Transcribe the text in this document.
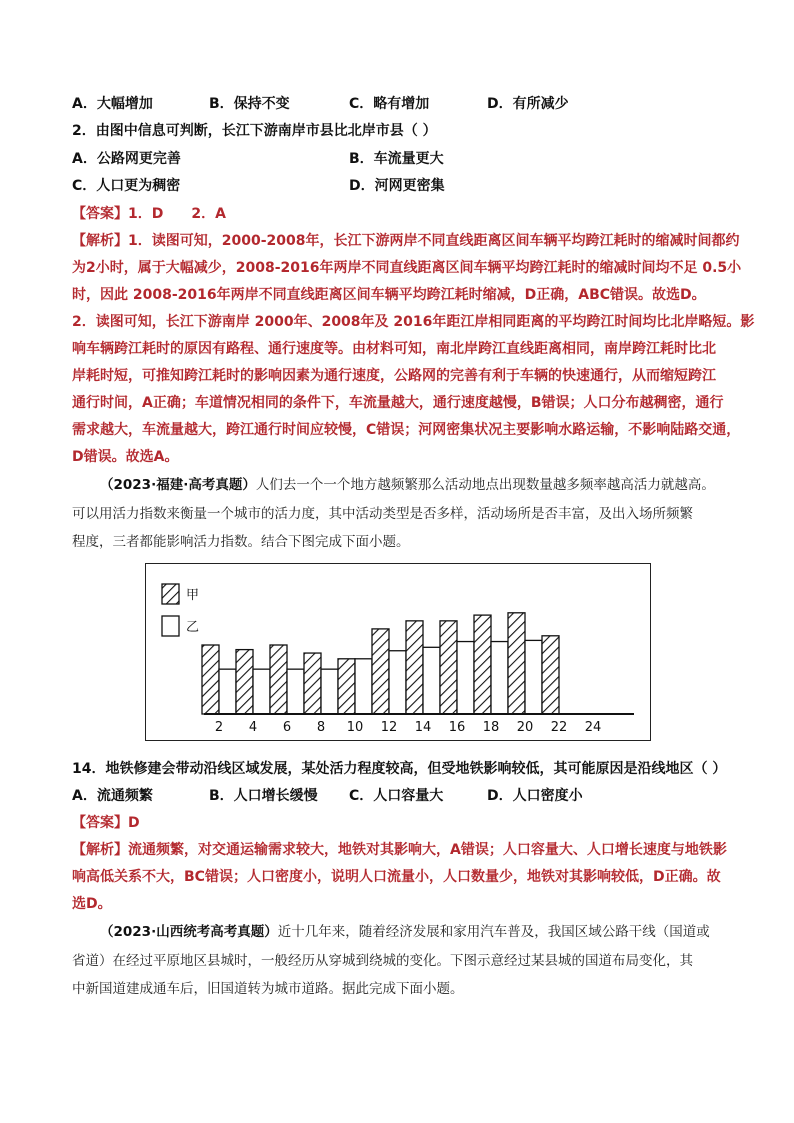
A．大幅增加	B．保持不变	C．略有增加	D．有所减少
2．由图中信息可判断，长江下游南岸市县比北岸市县（ ）
A．公路网更完善	B．车流量更大
C．人口更为稠密	D．河网更密集
【答案】1．D　　2．A
【解析】1．读图可知，2000-2008年，长江下游两岸不同直线距离区间车辆平均跨江耗时的缩减时间都约
为2小时，属于大幅减少，2008-2016年两岸不同直线距离区间车辆平均跨江耗时的缩减时间均不足 0.5小
时，因此 2008-2016年两岸不同直线距离区间车辆平均跨江耗时缩减，D正确，ABC错误。故选D。
2．读图可知，长江下游南岸 2000年、2008年及 2016年距江岸相同距离的平均跨江时间均比北岸略短。影
响车辆跨江耗时的原因有路程、通行速度等。由材料可知，南北岸跨江直线距离相同，南岸跨江耗时比北
岸耗时短，可推知跨江耗时的影响因素为通行速度，公路网的完善有利于车辆的快速通行，从而缩短跨江
通行时间，A正确；车道情况相同的条件下，车流量越大，通行速度越慢，B错误；人口分布越稠密，通行
需求越大，车流量越大，跨江通行时间应较慢，C错误；河网密集状况主要影响水路运输，不影响陆路交通，
D错误。故选A。
（2023·福建·高考真题）人们去一个一个地方越频繁那么活动地点出现数量越多频率越高活力就越高。
可以用活力指数来衡量一个城市的活力度，其中活动类型是否多样，活动场所是否丰富，及出入场所频繁
程度，三者都能影响活力指数。结合下图完成下面小题。
甲
乙
2 4 6 8 10 12 14 16 18 20 22 24
14．地铁修建会带动沿线区域发展，某处活力程度较高，但受地铁影响较低，其可能原因是沿线地区（ ）
A．流通频繁	B．人口增长缓慢 C．人口容量大	D．人口密度小
【答案】D
【解析】流通频繁，对交通运输需求较大，地铁对其影响大，A错误；人口容量大、人口增长速度与地铁影
响高低关系不大，BC错误；人口密度小，说明人口流量小，人口数量少，地铁对其影响较低，D正确。故
选D。
（2023·山西统考高考真题）近十几年来，随着经济发展和家用汽车普及，我国区域公路干线（国道或
省道）在经过平原地区县城时，一般经历从穿城到绕城的变化。下图示意经过某县城的国道布局变化，其
中新国道建成通车后，旧国道转为城市道路。据此完成下面小题。
